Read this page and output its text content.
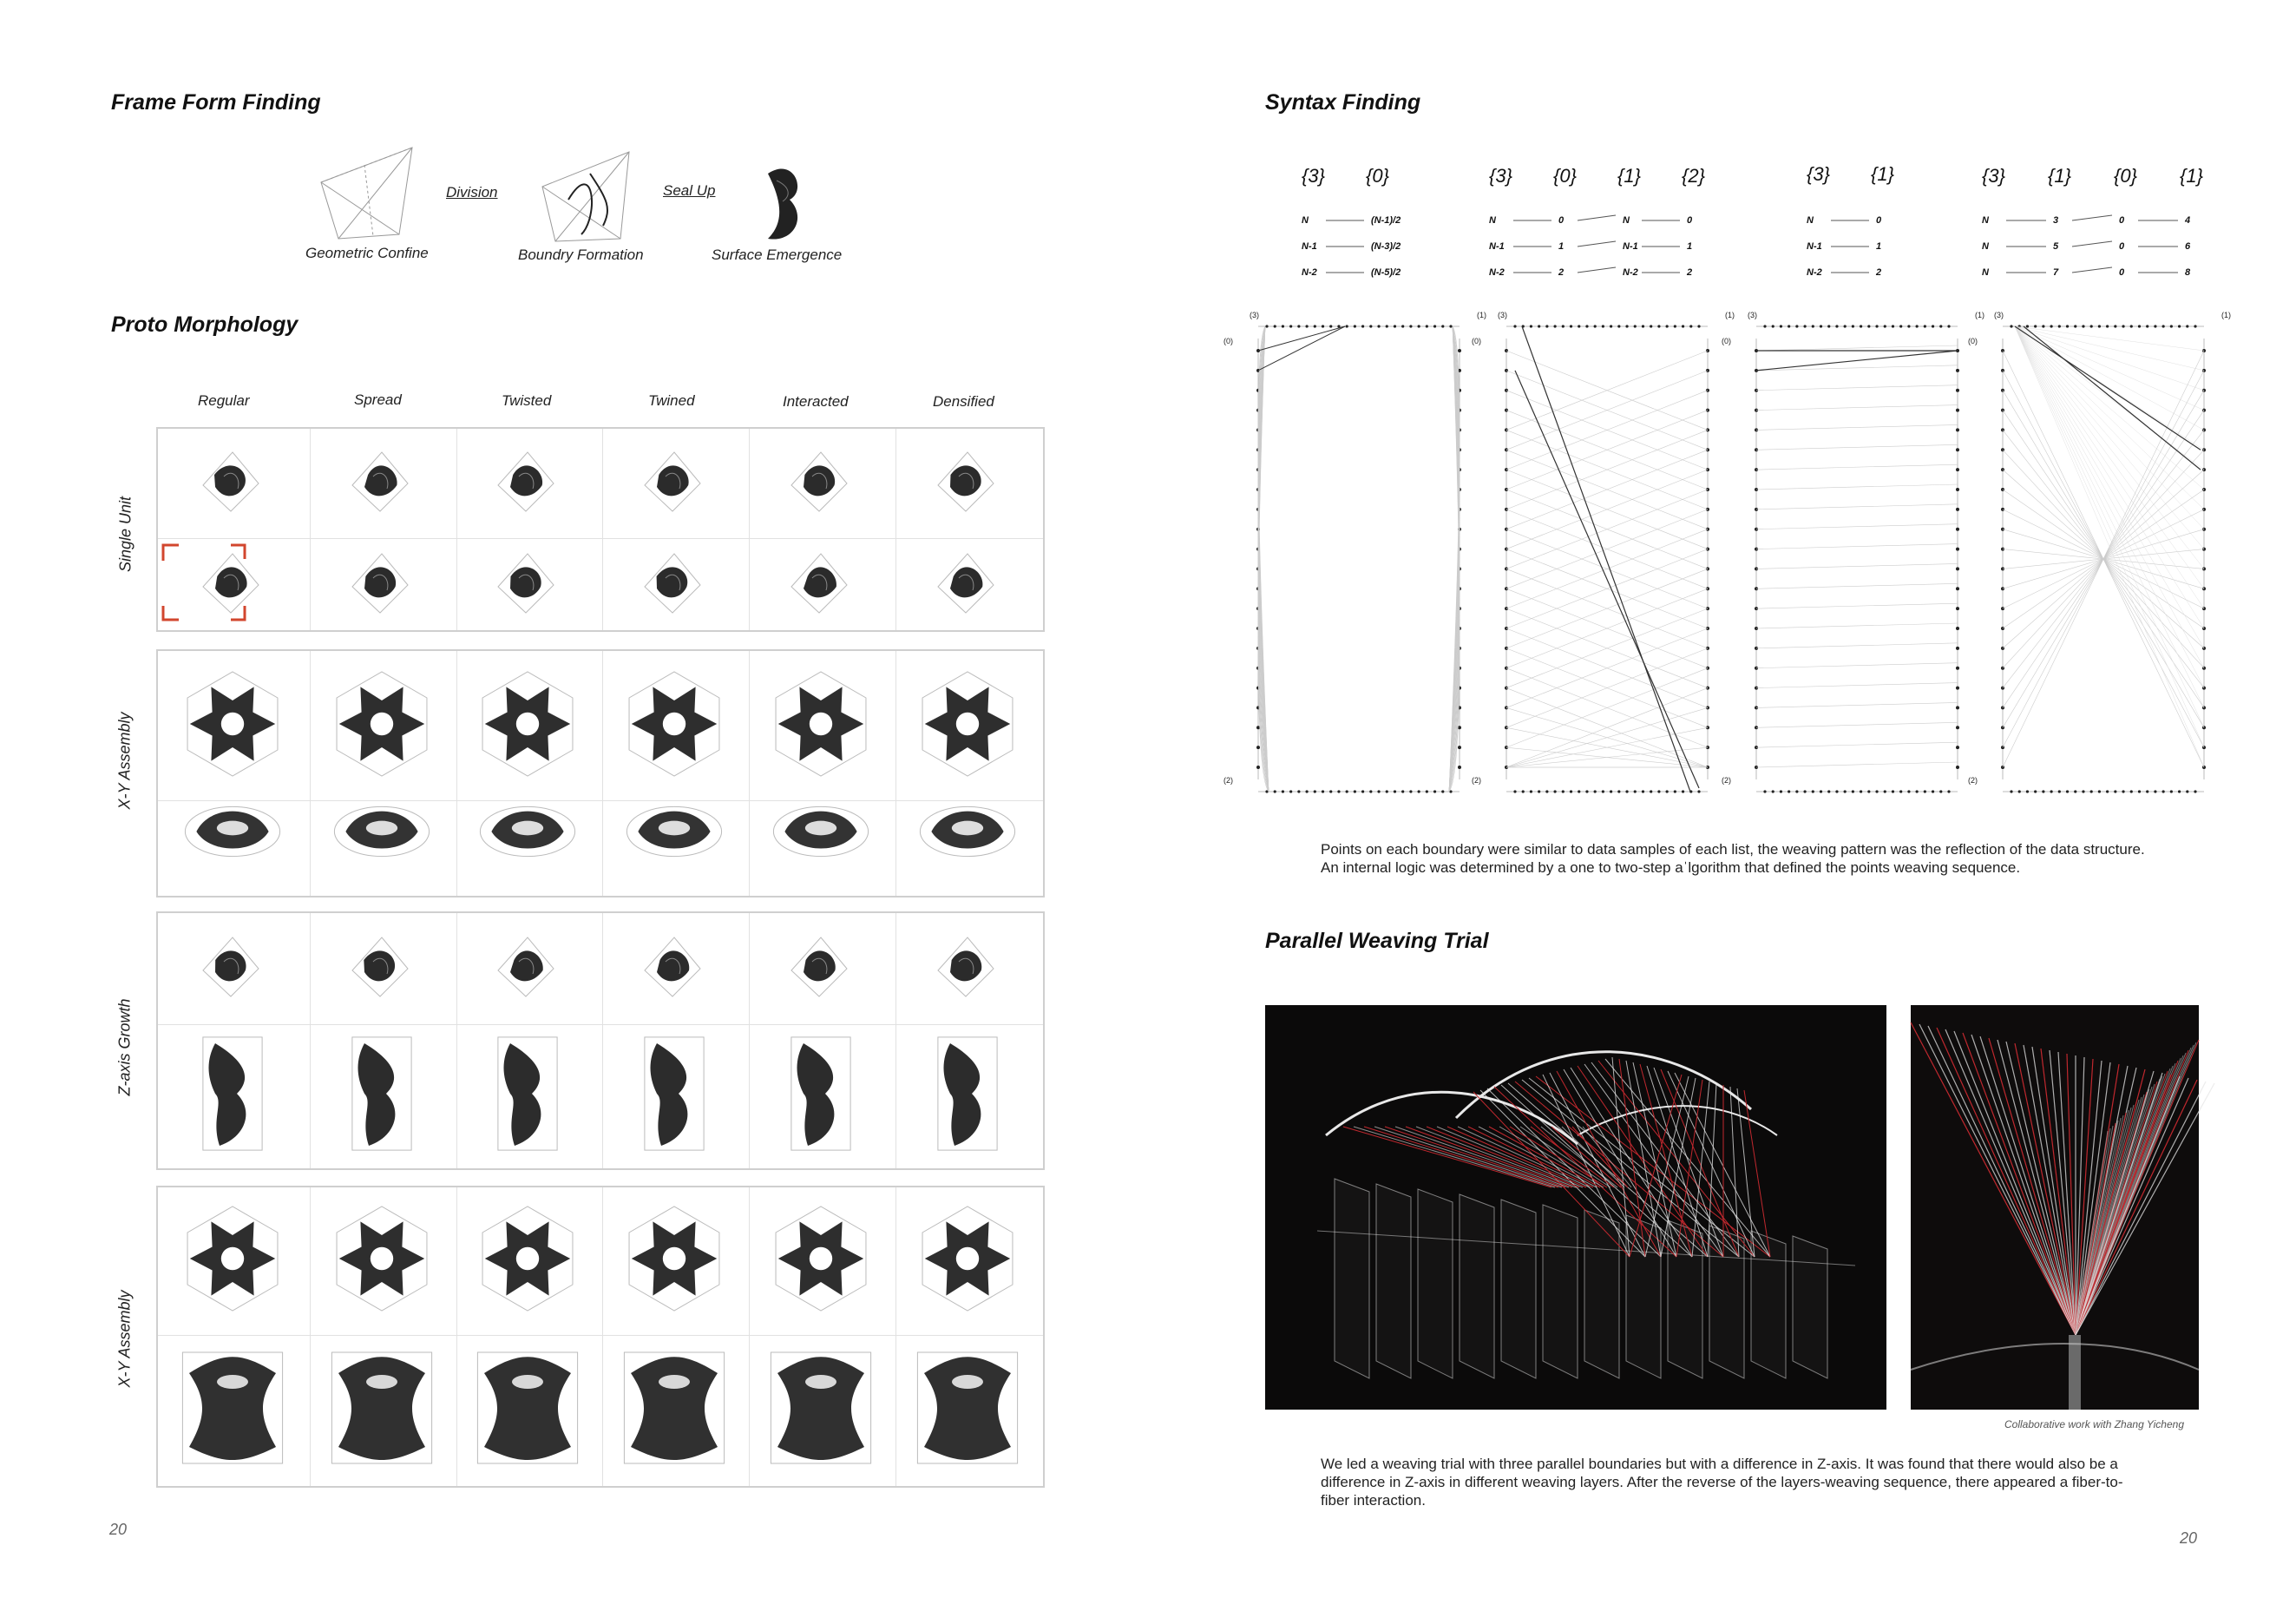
Frame Form Finding
Division	Seal Up
Geometric Confine	Boundry Formation	Surface Emergence
Proto Morphology
Regular	Spread	Twisted	Twined	Interacted	Densified
Single Unit
X-Y Assembly
Z-axis Growth
X-Y Assembly
20
Syntax Finding
{3} {0}
N	(N-1)/2
N-1	(N-3)/2
N-2	(N-5)/2
{3} {0} {1} {2}
N	0	N	0
N-1	1	N-1	1
N-2	2	N-2	2
{3} {1}
N	0
N-1	1
N-2	2
{3} {1} {0} {1}
N	3	0	4
N	5	0	6
N	7	0	8
(3)	(1)
(0)
(2)
(3)	(1)
(0)
(2)
(3)	(1)
(0)
(2)
(3)	(1)
(0)
(2)
Points on each boundary were similar to data samples of each list, the weaving pattern was the reflection of the data structure. An internal logic was determined by a one to two-step aˈlgorithm that defined the points weaving sequence.
Parallel Weaving Trial
Collaborative work with Zhang Yicheng
We led a weaving trial with three parallel boundaries but with a difference in Z-axis. It was found that there would also be a difference in Z-axis in different weaving layers. After the reverse of the layers-weaving sequence, there appeared a fiber-to-fiber interaction.
20
